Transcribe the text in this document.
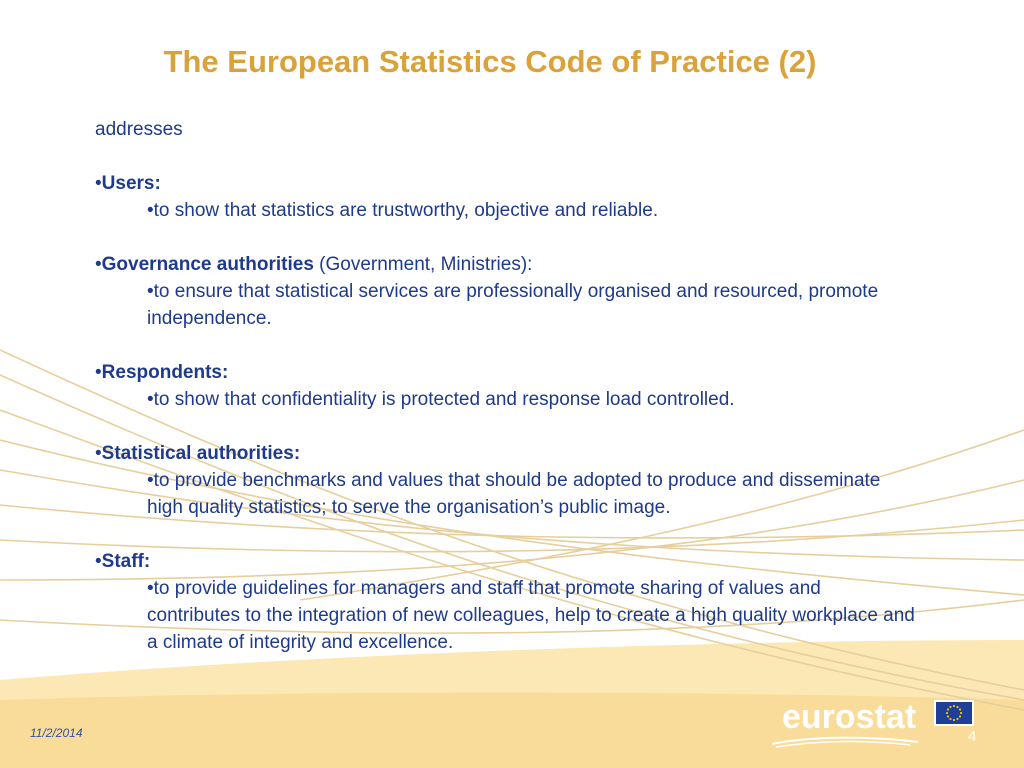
The European Statistics Code of Practice (2)

addresses

•Users:

•to show that statistics are trustworthy, objective and reliable.

•Governance authorities (Government, Ministries):

•to ensure that statistical services are professionally organised and resourced, promote independence.

•Respondents:

•to show that confidentiality is protected and response load controlled.

•Statistical authorities:

•to provide benchmarks and values that should be adopted to produce and disseminate high quality statistics; to serve the organisation’s public image.

•Staff:

•to provide guidelines for managers and staff that promote sharing of values and contributes to the integration of new colleagues, help to create a high quality workplace and a climate of integrity and excellence.

11/2/2014	eurostat
4
